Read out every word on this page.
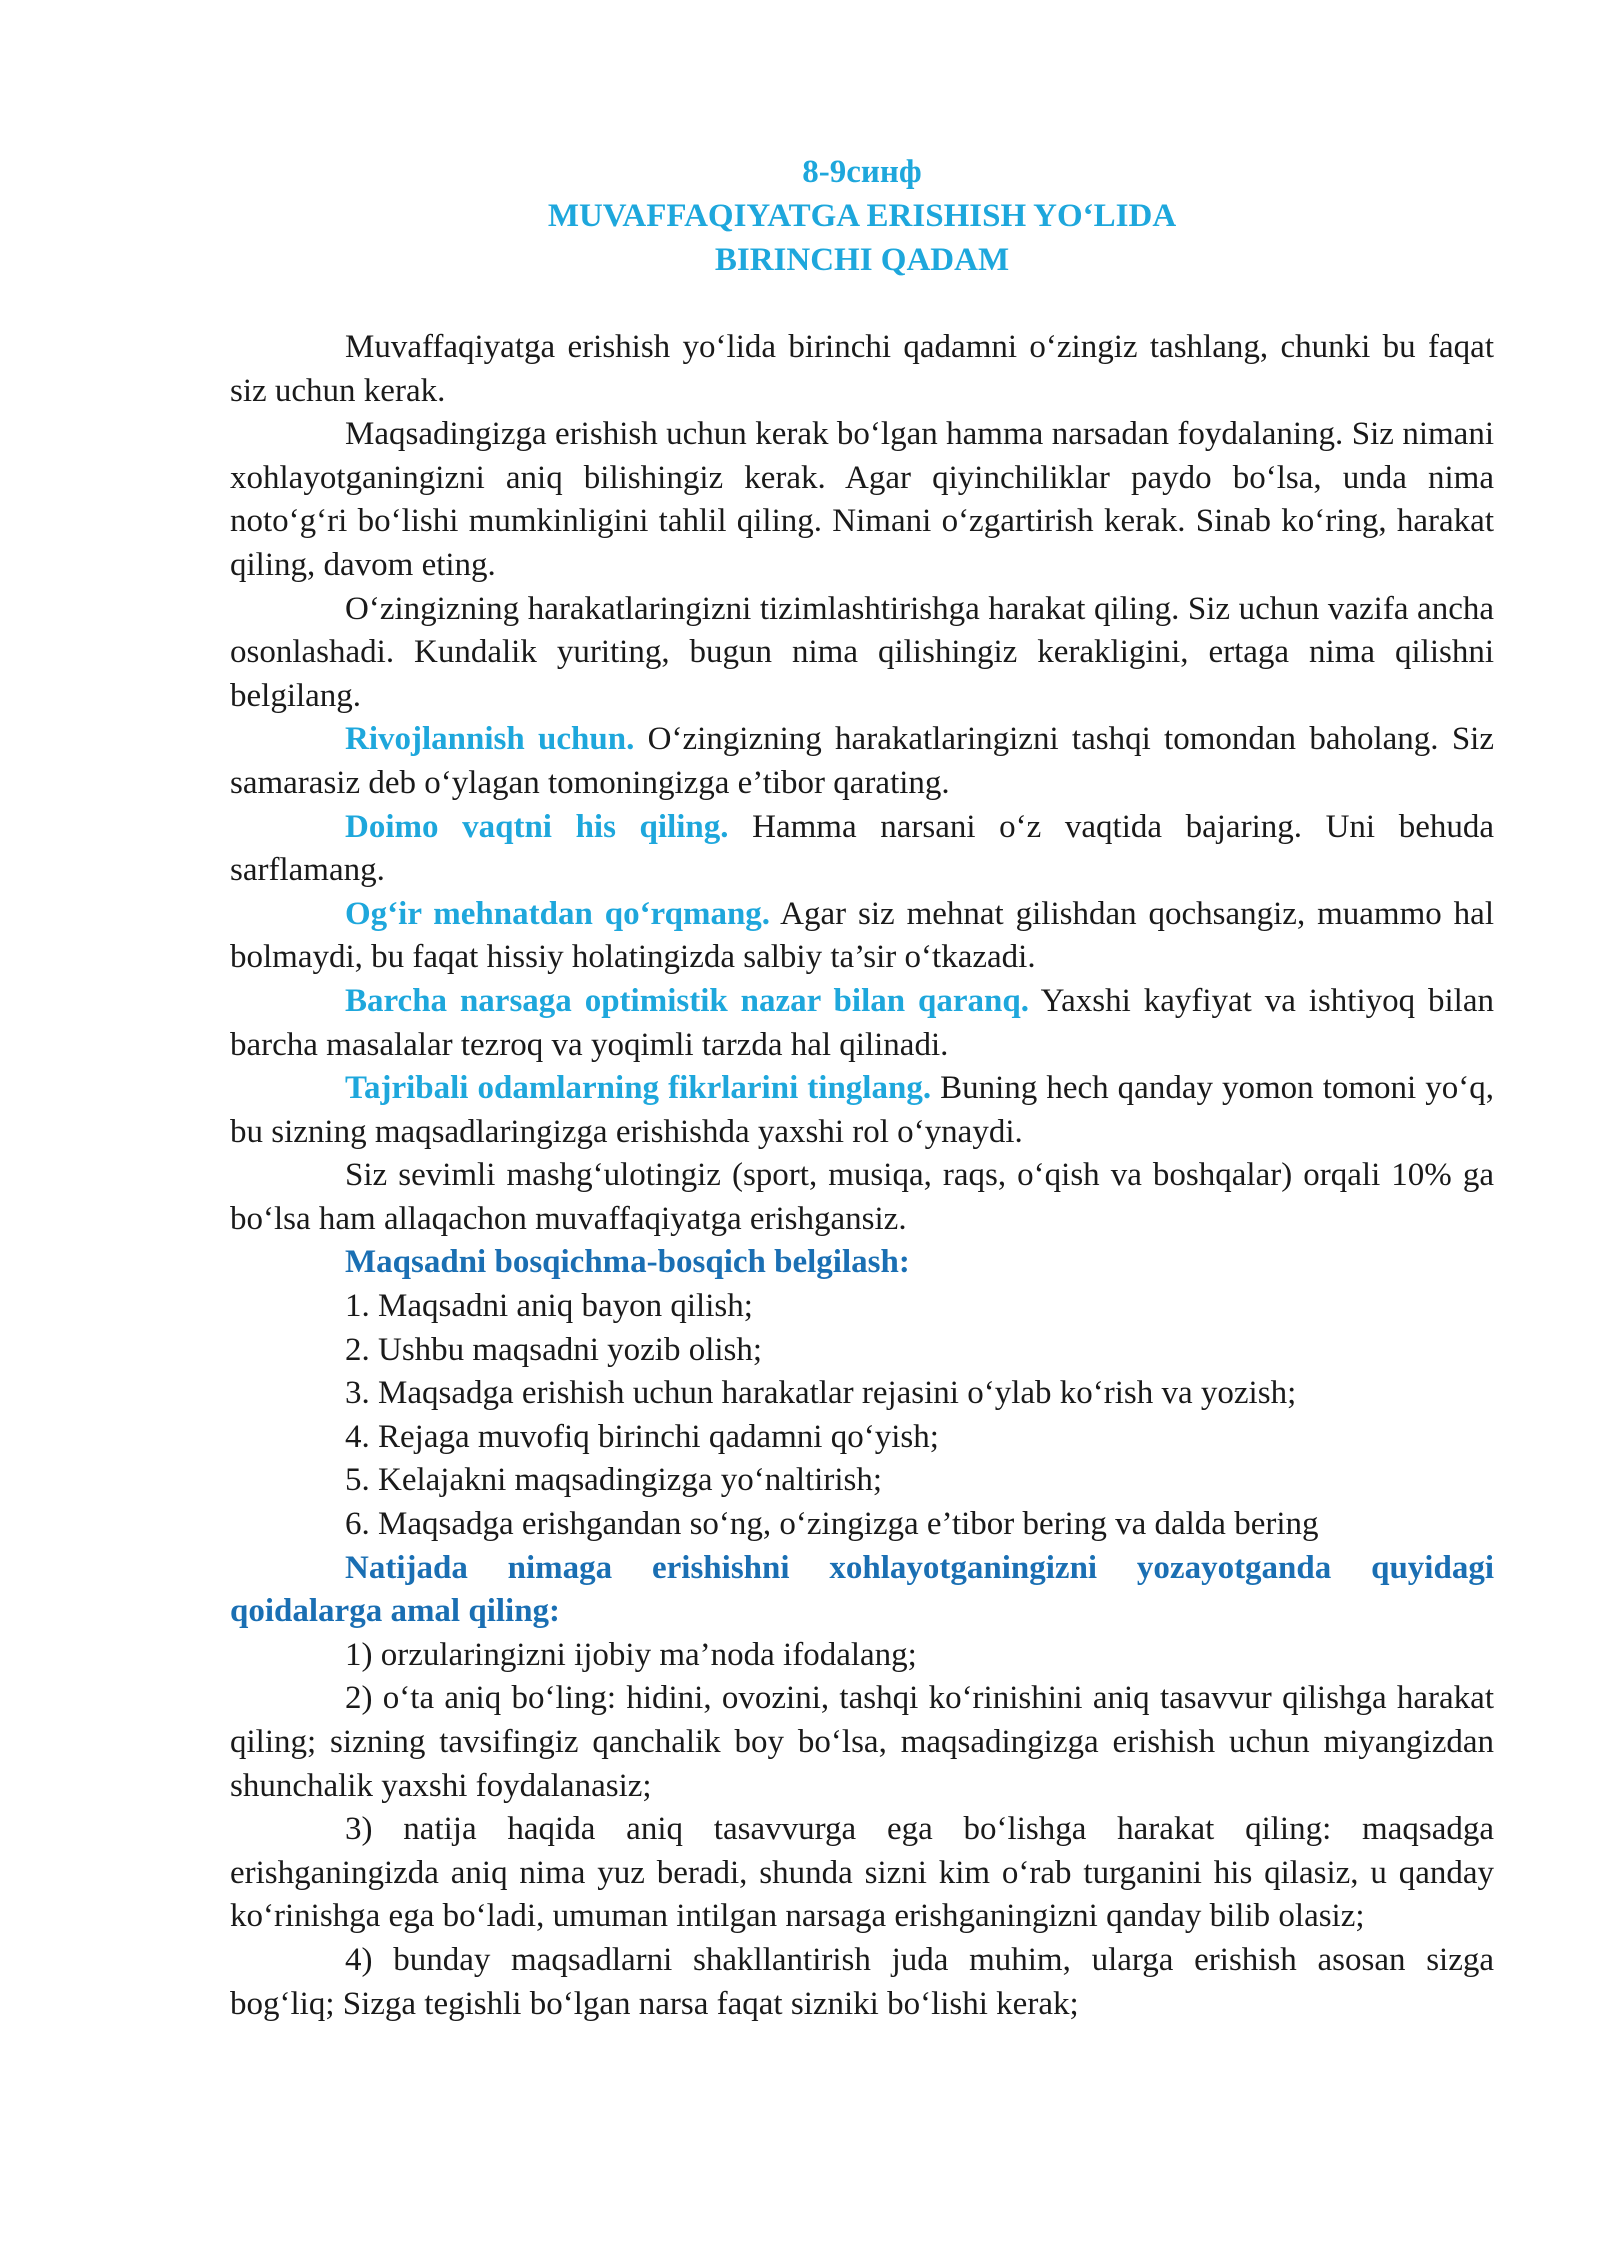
8-9синф

MUVAFFAQIYATGA ERISHISH YO‘LIDA

BIRINCHI QADAM

Muvaffaqiyatga erishish yo‘lida birinchi qadamni o‘zingiz tashlang, chunki bu faqat siz uchun kerak.

Maqsadingizga erishish uchun kerak bo‘lgan hamma narsadan foydalaning. Siz nimani xohlayotganingizni aniq bilishingiz kerak. Agar qiyinchiliklar paydo bo‘lsa, unda nima noto‘g‘ri bo‘lishi mumkinligini tahlil qiling. Nimani o‘zgartirish kerak. Sinab ko‘ring, harakat qiling, davom eting.

O‘zingizning harakatlaringizni tizimlashtirishga harakat qiling. Siz uchun vazifa ancha osonlashadi. Kundalik yuriting, bugun nima qilishingiz kerakligini, ertaga nima qilishni belgilang.

Rivojlannish uchun. O‘zingizning harakatlaringizni tashqi tomondan baholang. Siz samarasiz deb o‘ylagan tomoningizga e’tibor qarating.

Doimo vaqtni his qiling. Hamma narsani o‘z vaqtida bajaring. Uni behuda sarflamang.

Og‘ir mehnatdan qo‘rqmang. Agar siz mehnat gilishdan qochsangiz, muammo hal bolmaydi, bu faqat hissiy holatingizda salbiy ta’sir o‘tkazadi.

Barcha narsaga optimistik nazar bilan qaranq. Yaxshi kayfiyat va ishtiyoq bilan barcha masalalar tezroq va yoqimli tarzda hal qilinadi.

Tajribali odamlarning fikrlarini tinglang. Buning hech qanday yomon tomoni yo‘q, bu sizning maqsadlaringizga erishishda yaxshi rol o‘ynaydi.

Siz sevimli mashg‘ulotingiz (sport, musiqa, raqs, o‘qish va boshqalar) orqali 10% ga bo‘lsa ham allaqachon muvaffaqiyatga erishgansiz.

Maqsadni bosqichma-bosqich belgilash:

1. Maqsadni aniq bayon qilish;

2. Ushbu maqsadni yozib olish;

3. Maqsadga erishish uchun harakatlar rejasini o‘ylab ko‘rish va yozish;

4. Rejaga muvofiq birinchi qadamni qo‘yish;

5. Kelajakni maqsadingizga yo‘naltirish;

6. Maqsadga erishgandan so‘ng, o‘zingizga e’tibor bering va dalda bering

Natijada nimaga erishishni xohlayotganingizni yozayotganda quyidagi qoidalarga amal qiling:

1) orzularingizni ijobiy ma’noda ifodalang;

2) o‘ta aniq bo‘ling: hidini, ovozini, tashqi ko‘rinishini aniq tasavvur qilishga harakat qiling; sizning tavsifingiz qanchalik boy bo‘lsa, maqsadingizga erishish uchun miyangizdan shunchalik yaxshi foydalanasiz;

3) natija haqida aniq tasavvurga ega bo‘lishga harakat qiling: maqsadga erishganingizda aniq nima yuz beradi, shunda sizni kim o‘rab turganini his qilasiz, u qanday ko‘rinishga ega bo‘ladi, umuman intilgan narsaga erishganingizni qanday bilib olasiz;

4) bunday maqsadlarni shakllantirish juda muhim, ularga erishish asosan sizga bog‘liq; Sizga tegishli bo‘lgan narsa faqat sizniki bo‘lishi kerak;
